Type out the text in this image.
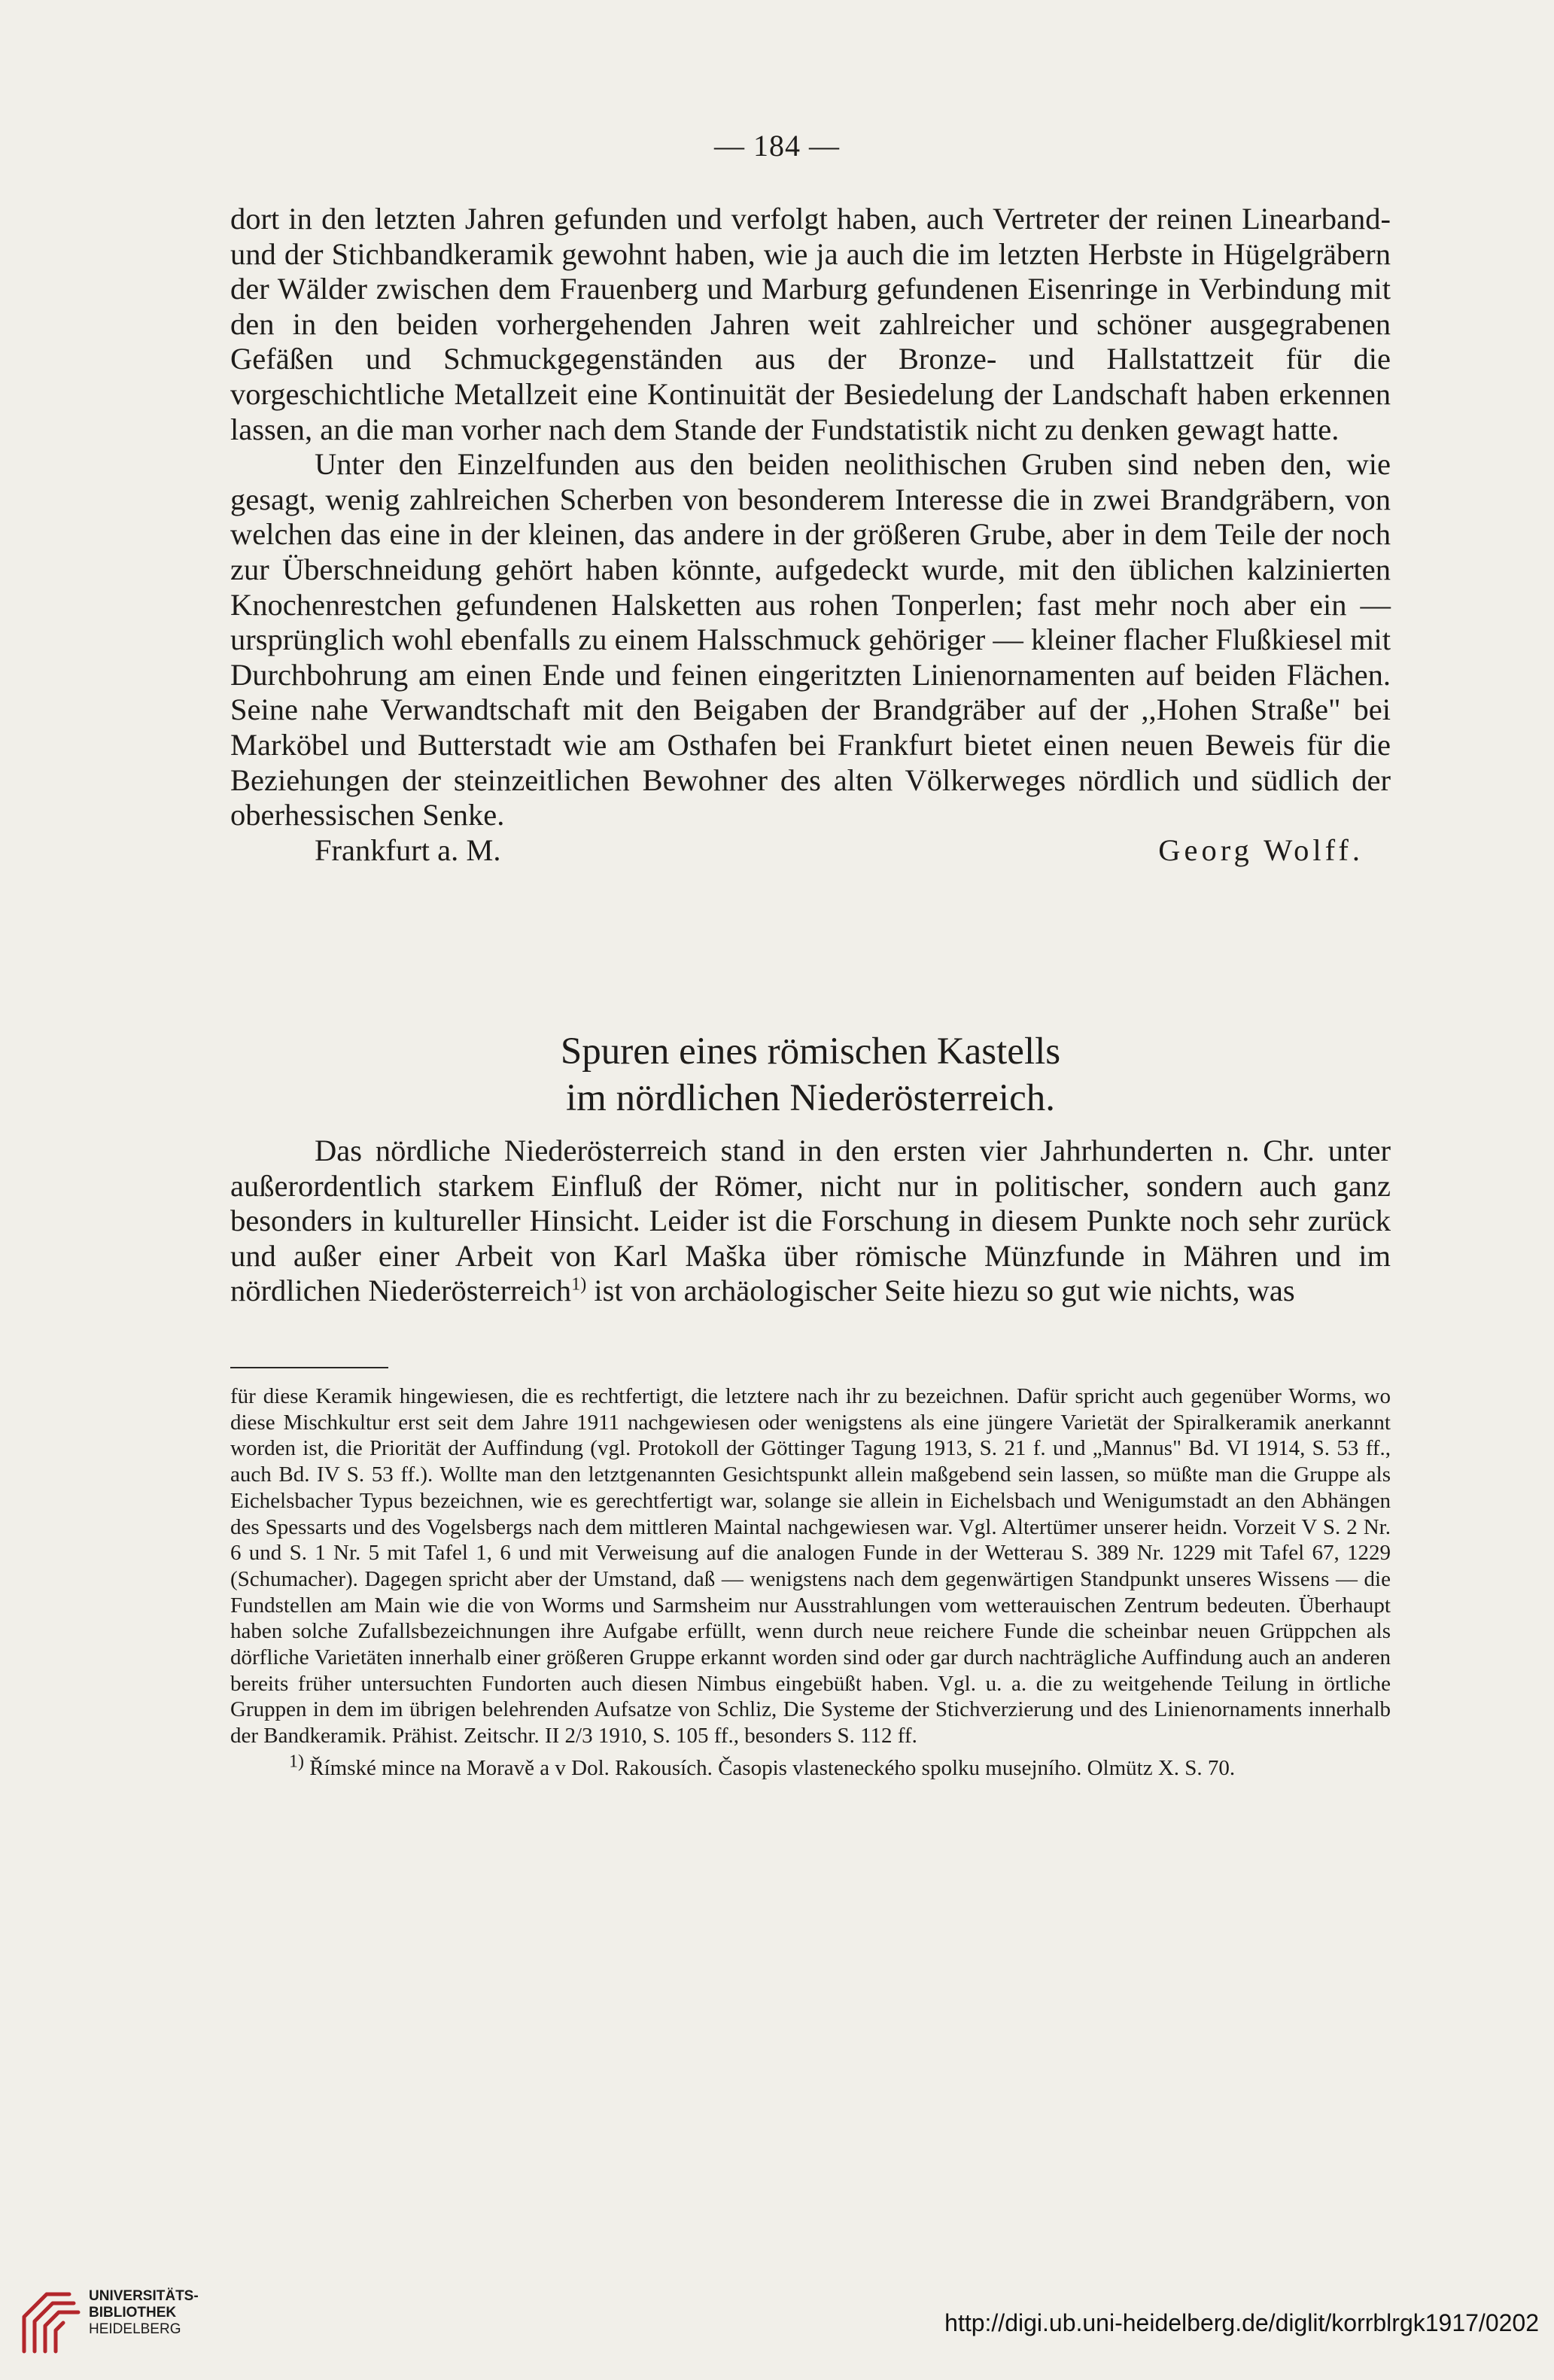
— 184 —

dort in den letzten Jahren gefunden und verfolgt haben, auch Vertreter der reinen Linearband- und der Stichbandkeramik gewohnt haben, wie ja auch die im letzten Herbste in Hügelgräbern der Wälder zwischen dem Frauenberg und Marburg gefundenen Eisenringe in Verbindung mit den in den beiden vorhergehenden Jahren weit zahlreicher und schöner ausgegrabenen Gefäßen und Schmuckgegenständen aus der Bronze- und Hallstattzeit für die vorgeschichtliche Metallzeit eine Kontinuität der Besiedelung der Landschaft haben erkennen lassen, an die man vorher nach dem Stande der Fundstatistik nicht zu denken gewagt hatte.

Unter den Einzelfunden aus den beiden neolithischen Gruben sind neben den, wie gesagt, wenig zahlreichen Scherben von besonderem Interesse die in zwei Brandgräbern, von welchen das eine in der kleinen, das andere in der größeren Grube, aber in dem Teile der noch zur Überschneidung gehört haben könnte, aufgedeckt wurde, mit den üblichen kalzinierten Knochenrestchen gefundenen Halsketten aus rohen Tonperlen; fast mehr noch aber ein — ursprünglich wohl ebenfalls zu einem Halsschmuck gehöriger — kleiner flacher Flußkiesel mit Durchbohrung am einen Ende und feinen eingeritzten Linienornamenten auf beiden Flächen. Seine nahe Verwandtschaft mit den Beigaben der Brandgräber auf der ,,Hohen Straße" bei Marköbel und Butterstadt wie am Osthafen bei Frankfurt bietet einen neuen Beweis für die Beziehungen der steinzeitlichen Bewohner des alten Völkerweges nördlich und südlich der oberhessischen Senke.

Frankfurt a. M.	Georg Wolff.
Spuren eines römischen Kastells
im nördlichen Niederösterreich.

Das nördliche Niederösterreich stand in den ersten vier Jahrhunderten n. Chr. unter außerordentlich starkem Einfluß der Römer, nicht nur in politischer, sondern auch ganz besonders in kultureller Hinsicht. Leider ist die Forschung in diesem Punkte noch sehr zurück und außer einer Arbeit von Karl Maška über römische Münzfunde in Mähren und im nördlichen Niederösterreich$^{1)}$ ist von archäologischer Seite hiezu so gut wie nichts, was

für diese Keramik hingewiesen, die es rechtfertigt, die letztere nach ihr zu bezeichnen. Dafür spricht auch gegenüber Worms, wo diese Mischkultur erst seit dem Jahre 1911 nachgewiesen oder wenigstens als eine jüngere Varietät der Spiralkeramik anerkannt worden ist, die Priorität der Auffindung (vgl. Protokoll der Göttinger Tagung 1913, S. 21 f. und „Mannus" Bd. VI 1914, S. 53 ff., auch Bd. IV S. 53 ff.). Wollte man den letztgenannten Gesichtspunkt allein maßgebend sein lassen, so müßte man die Gruppe als Eichelsbacher Typus bezeichnen, wie es gerechtfertigt war, solange sie allein in Eichelsbach und Wenigumstadt an den Abhängen des Spessarts und des Vogelsbergs nach dem mittleren Maintal nachgewiesen war. Vgl. Altertümer unserer heidn. Vorzeit V S. 2 Nr. 6 und S. 1 Nr. 5 mit Tafel 1, 6 und mit Verweisung auf die analogen Funde in der Wetterau S. 389 Nr. 1229 mit Tafel 67, 1229 (Schumacher). Dagegen spricht aber der Umstand, daß — wenigstens nach dem gegenwärtigen Standpunkt unseres Wissens — die Fundstellen am Main wie die von Worms und Sarmsheim nur Ausstrahlungen vom wetterauischen Zentrum bedeuten. Überhaupt haben solche Zufallsbezeichnungen ihre Aufgabe erfüllt, wenn durch neue reichere Funde die scheinbar neuen Grüppchen als dörfliche Varietäten innerhalb einer größeren Gruppe erkannt worden sind oder gar durch nachträgliche Auffindung auch an anderen bereits früher untersuchten Fundorten auch diesen Nimbus eingebüßt haben. Vgl. u. a. die zu weitgehende Teilung in örtliche Gruppen in dem im übrigen belehrenden Aufsatze von Schliz, Die Systeme der Stichverzierung und des Linienornaments innerhalb der Bandkeramik. Prähist. Zeitschr. II 2/3 1910, S. 105 ff., besonders S. 112 ff.

$^{1)}$ Římské mince na Moravě a v Dol. Rakousích. Časopis vlasteneckého spolku musejního. Olmütz X. S. 70.

UNIVERSITÄTS-
BIBLIOTHEK
HEIDELBERG	http://digi.ub.uni-heidelberg.de/diglit/korrblrgk1917/0202
